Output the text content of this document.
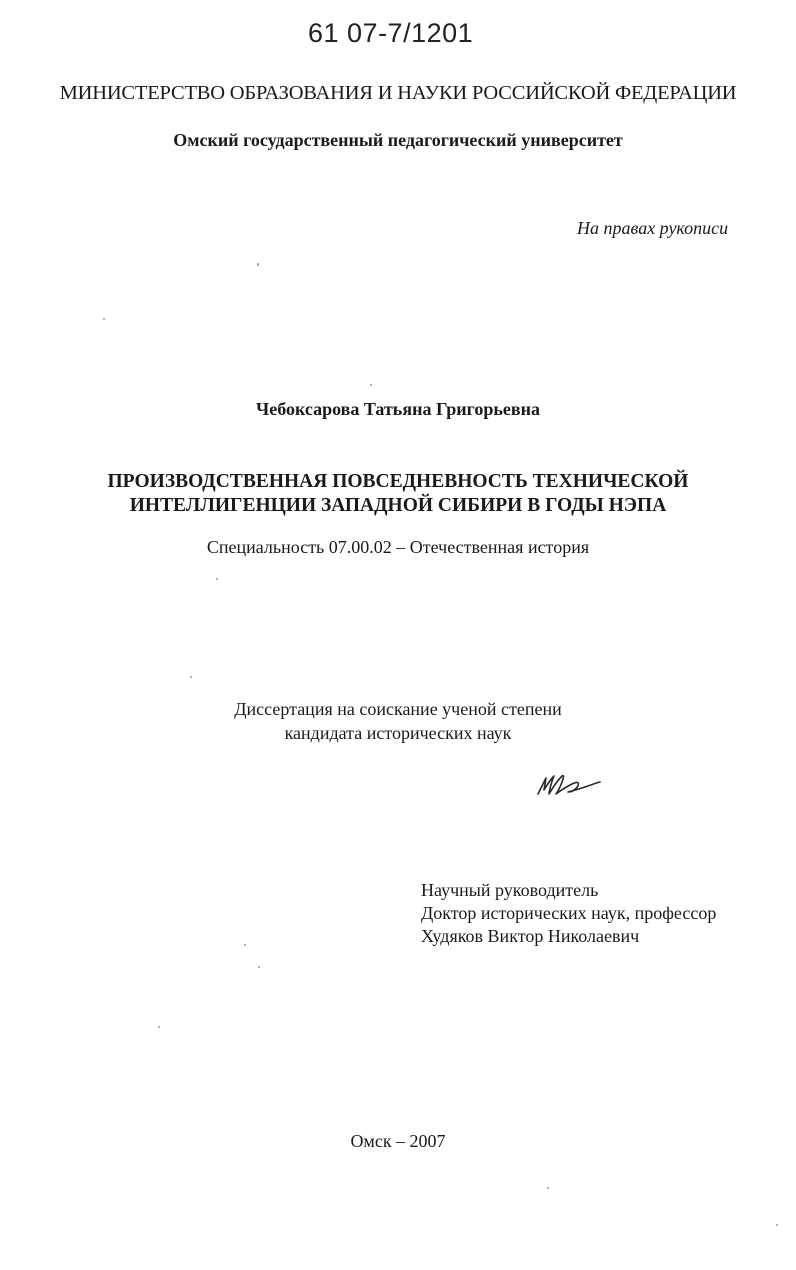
61 07-7/1201
МИНИСТЕРСТВО ОБРАЗОВАНИЯ И НАУКИ РОССИЙСКОЙ ФЕДЕРАЦИИ
Омский государственный педагогический университет
На правах рукописи
Чебоксарова Татьяна Григорьевна
ПРОИЗВОДСТВЕННАЯ ПОВСЕДНЕВНОСТЬ ТЕХНИЧЕСКОЙ
ИНТЕЛЛИГЕНЦИИ ЗАПАДНОЙ СИБИРИ В ГОДЫ НЭПА
Специальность 07.00.02 – Отечественная история
Диссертация на соискание ученой степени
кандидата исторических наук
Научный руководитель
Доктор исторических наук, профессор
Худяков Виктор Николаевич
Омск – 2007
